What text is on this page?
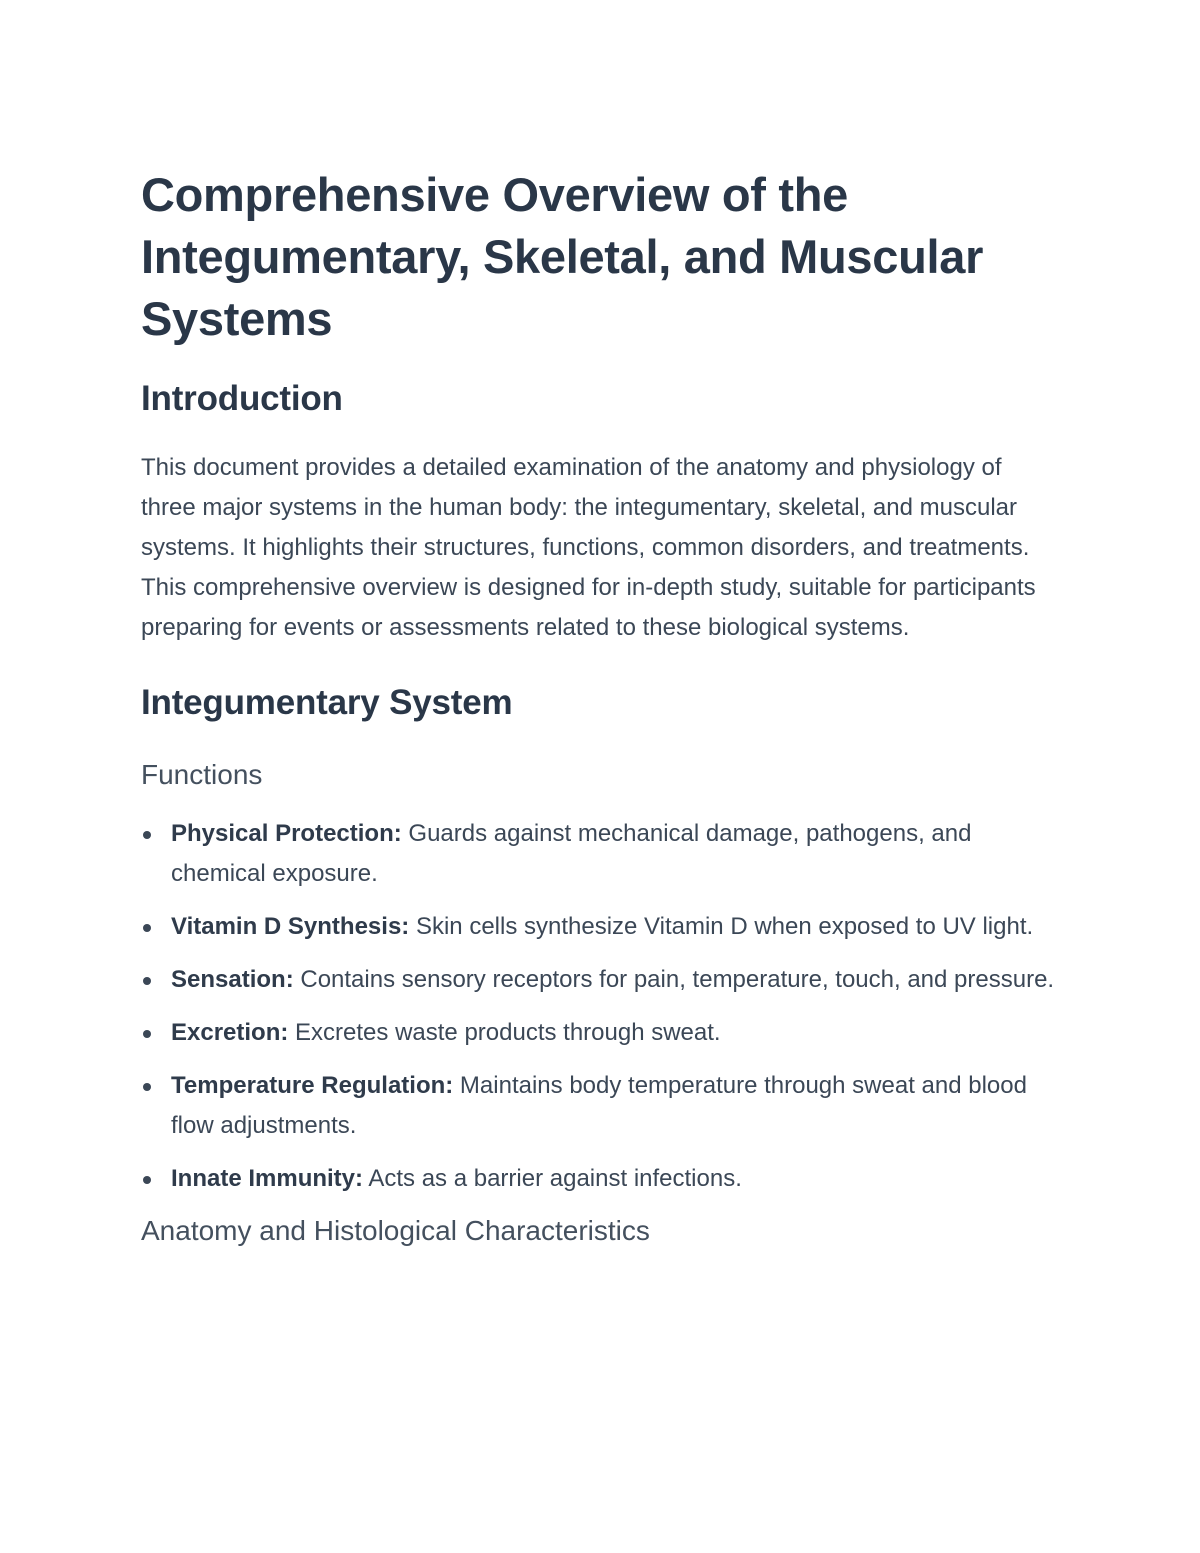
Comprehensive Overview of the Integumentary, Skeletal, and Muscular Systems
Introduction

This document provides a detailed examination of the anatomy and physiology of three major systems in the human body: the integumentary, skeletal, and muscular systems. It highlights their structures, functions, common disorders, and treatments. This comprehensive overview is designed for in-depth study, suitable for participants preparing for events or assessments related to these biological systems.

Integumentary System
Functions
Physical Protection: Guards against mechanical damage, pathogens, and chemical exposure.
Vitamin D Synthesis: Skin cells synthesize Vitamin D when exposed to UV light.
Sensation: Contains sensory receptors for pain, temperature, touch, and pressure.
Excretion: Excretes waste products through sweat.
Temperature Regulation: Maintains body temperature through sweat and blood flow adjustments.
Innate Immunity: Acts as a barrier against infections.
Anatomy and Histological Characteristics
